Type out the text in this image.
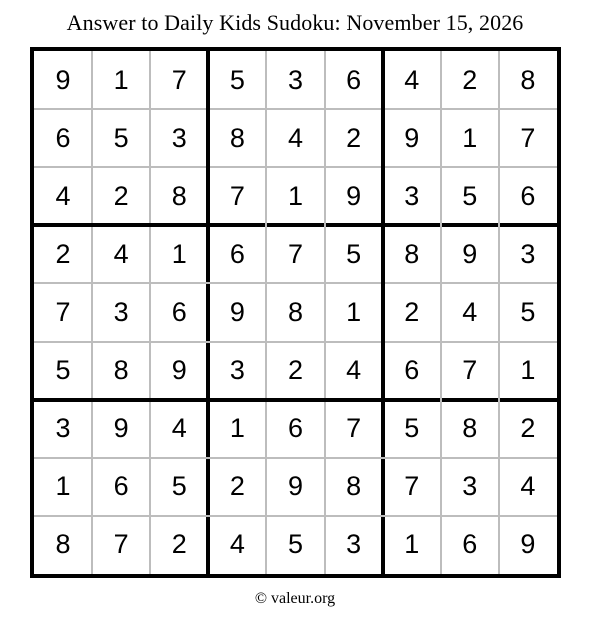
Answer to Daily Kids Sudoku: November 15, 2026
9	1	7	5	3	6	4	2	8
6	5	3	8	4	2	9	1	7
4	2	8	7	1	9	3	5	6
2	4	1	6	7	5	8	9	3
7	3	6	9	8	1	2	4	5
5	8	9	3	2	4	6	7	1
3	9	4	1	6	7	5	8	2
1	6	5	2	9	8	7	3	4
8	7	2	4	5	3	1	6	9
© valeur.org
